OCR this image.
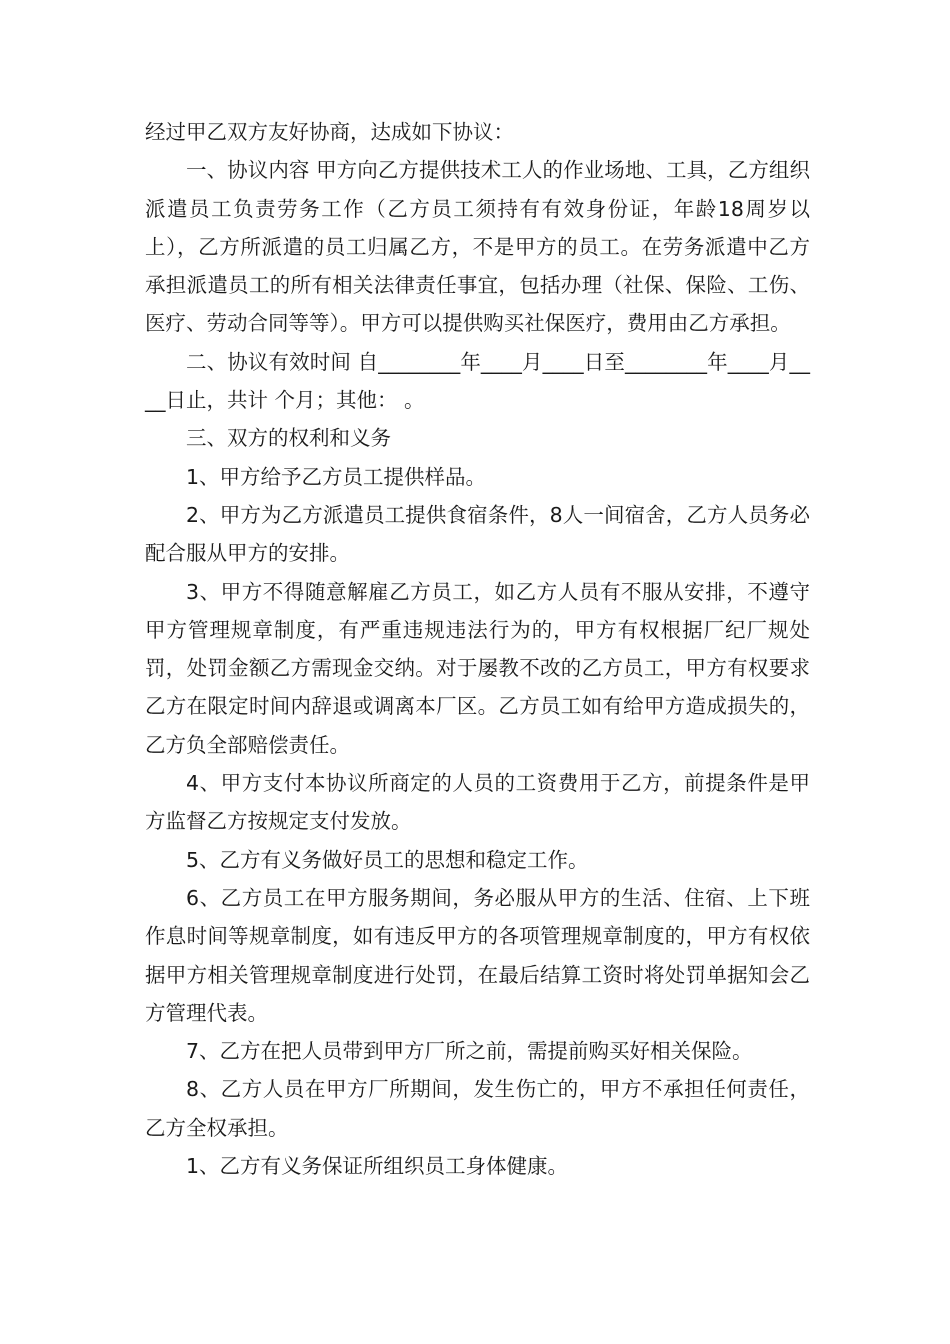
经过甲乙双方友好协商，达成如下协议：

一、协议内容 甲方向乙方提供技术工人的作业场地、工具，乙方组织派遣员工负责劳务工作（乙方员工须持有有效身份证，年龄18周岁以上），乙方所派遣的员工归属乙方，不是甲方的员工。在劳务派遣中乙方承担派遣员工的所有相关法律责任事宜，包括办理（社保、保险、工伤、医疗、劳动合同等等）。甲方可以提供购买社保医疗，费用由乙方承担。

二、协议有效时间 自________年____月____日至________年____月____日止，共计 个月；其他： 。

三、双方的权利和义务

1、甲方给予乙方员工提供样品。

2、甲方为乙方派遣员工提供食宿条件，8人一间宿舍，乙方人员务必配合服从甲方的安排。

3、甲方不得随意解雇乙方员工，如乙方人员有不服从安排，不遵守甲方管理规章制度，有严重违规违法行为的，甲方有权根据厂纪厂规处罚，处罚金额乙方需现金交纳。对于屡教不改的乙方员工，甲方有权要求乙方在限定时间内辞退或调离本厂区。乙方员工如有给甲方造成损失的，乙方负全部赔偿责任。

4、甲方支付本协议所商定的人员的工资费用于乙方，前提条件是甲方监督乙方按规定支付发放。

5、乙方有义务做好员工的思想和稳定工作。

6、乙方员工在甲方服务期间，务必服从甲方的生活、住宿、上下班作息时间等规章制度，如有违反甲方的各项管理规章制度的，甲方有权依据甲方相关管理规章制度进行处罚，在最后结算工资时将处罚单据知会乙方管理代表。

7、乙方在把人员带到甲方厂所之前，需提前购买好相关保险。

8、乙方人员在甲方厂所期间，发生伤亡的，甲方不承担任何责任，乙方全权承担。

1、乙方有义务保证所组织员工身体健康。
